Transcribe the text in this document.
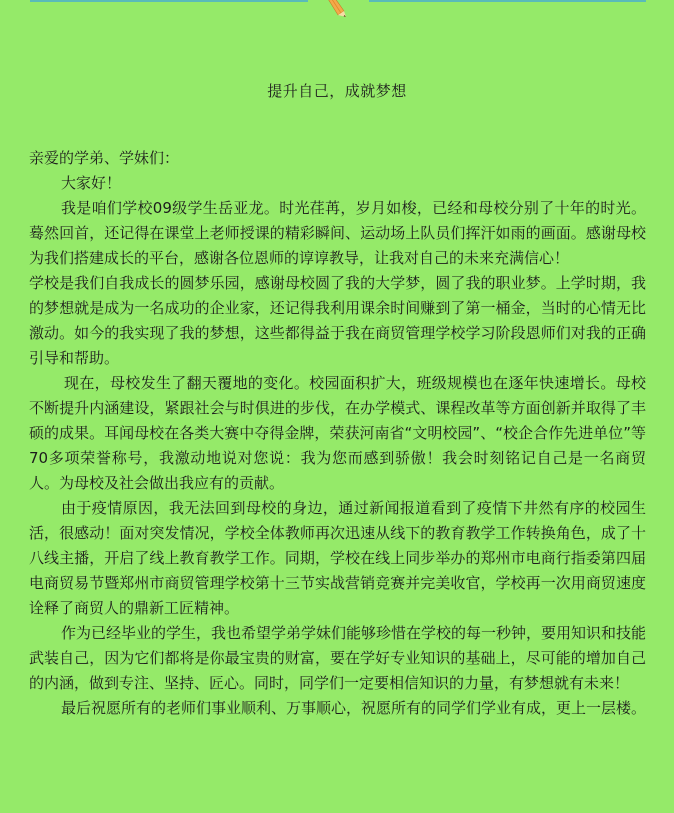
提升自己，成就梦想

亲爱的学弟、学妹们：

大家好！

我是咱们学校09级学生岳亚龙。时光荏苒，岁月如梭，已经和母校分别了十年的时光。蓦然回首，还记得在课堂上老师授课的精彩瞬间、运动场上队员们挥汗如雨的画面。感谢母校为我们搭建成长的平台，感谢各位恩师的谆谆教导，让我对自己的未来充满信心！

学校是我们自我成长的圆梦乐园，感谢母校圆了我的大学梦，圆了我的职业梦。上学时期，我的梦想就是成为一名成功的企业家，还记得我利用课余时间赚到了第一桶金，当时的心情无比激动。如今的我实现了我的梦想，这些都得益于我在商贸管理学校学习阶段恩师们对我的正确引导和帮助。

现在，母校发生了翻天覆地的变化。校园面积扩大，班级规模也在逐年快速增长。母校不断提升内涵建设，紧跟社会与时俱进的步伐，在办学模式、课程改革等方面创新并取得了丰硕的成果。耳闻母校在各类大赛中夺得金牌，荣获河南省“文明校园”、“校企合作先进单位”等70多项荣誉称号，我激动地说对您说：我为您而感到骄傲！我会时刻铭记自己是一名商贸人。为母校及社会做出我应有的贡献。

由于疫情原因，我无法回到母校的身边，通过新闻报道看到了疫情下井然有序的校园生活，很感动！面对突发情况，学校全体教师再次迅速从线下的教育教学工作转换角色，成了十八线主播，开启了线上教育教学工作。同期，学校在线上同步举办的郑州市电商行指委第四届电商贸易节暨郑州市商贸管理学校第十三节实战营销竞赛并完美收官，学校再一次用商贸速度诠释了商贸人的鼎新工匠精神。

作为已经毕业的学生，我也希望学弟学妹们能够珍惜在学校的每一秒钟，要用知识和技能武装自己，因为它们都将是你最宝贵的财富，要在学好专业知识的基础上，尽可能的增加自己的内涵，做到专注、坚持、匠心。同时，同学们一定要相信知识的力量，有梦想就有未来！

最后祝愿所有的老师们事业顺利、万事顺心，祝愿所有的同学们学业有成，更上一层楼。
